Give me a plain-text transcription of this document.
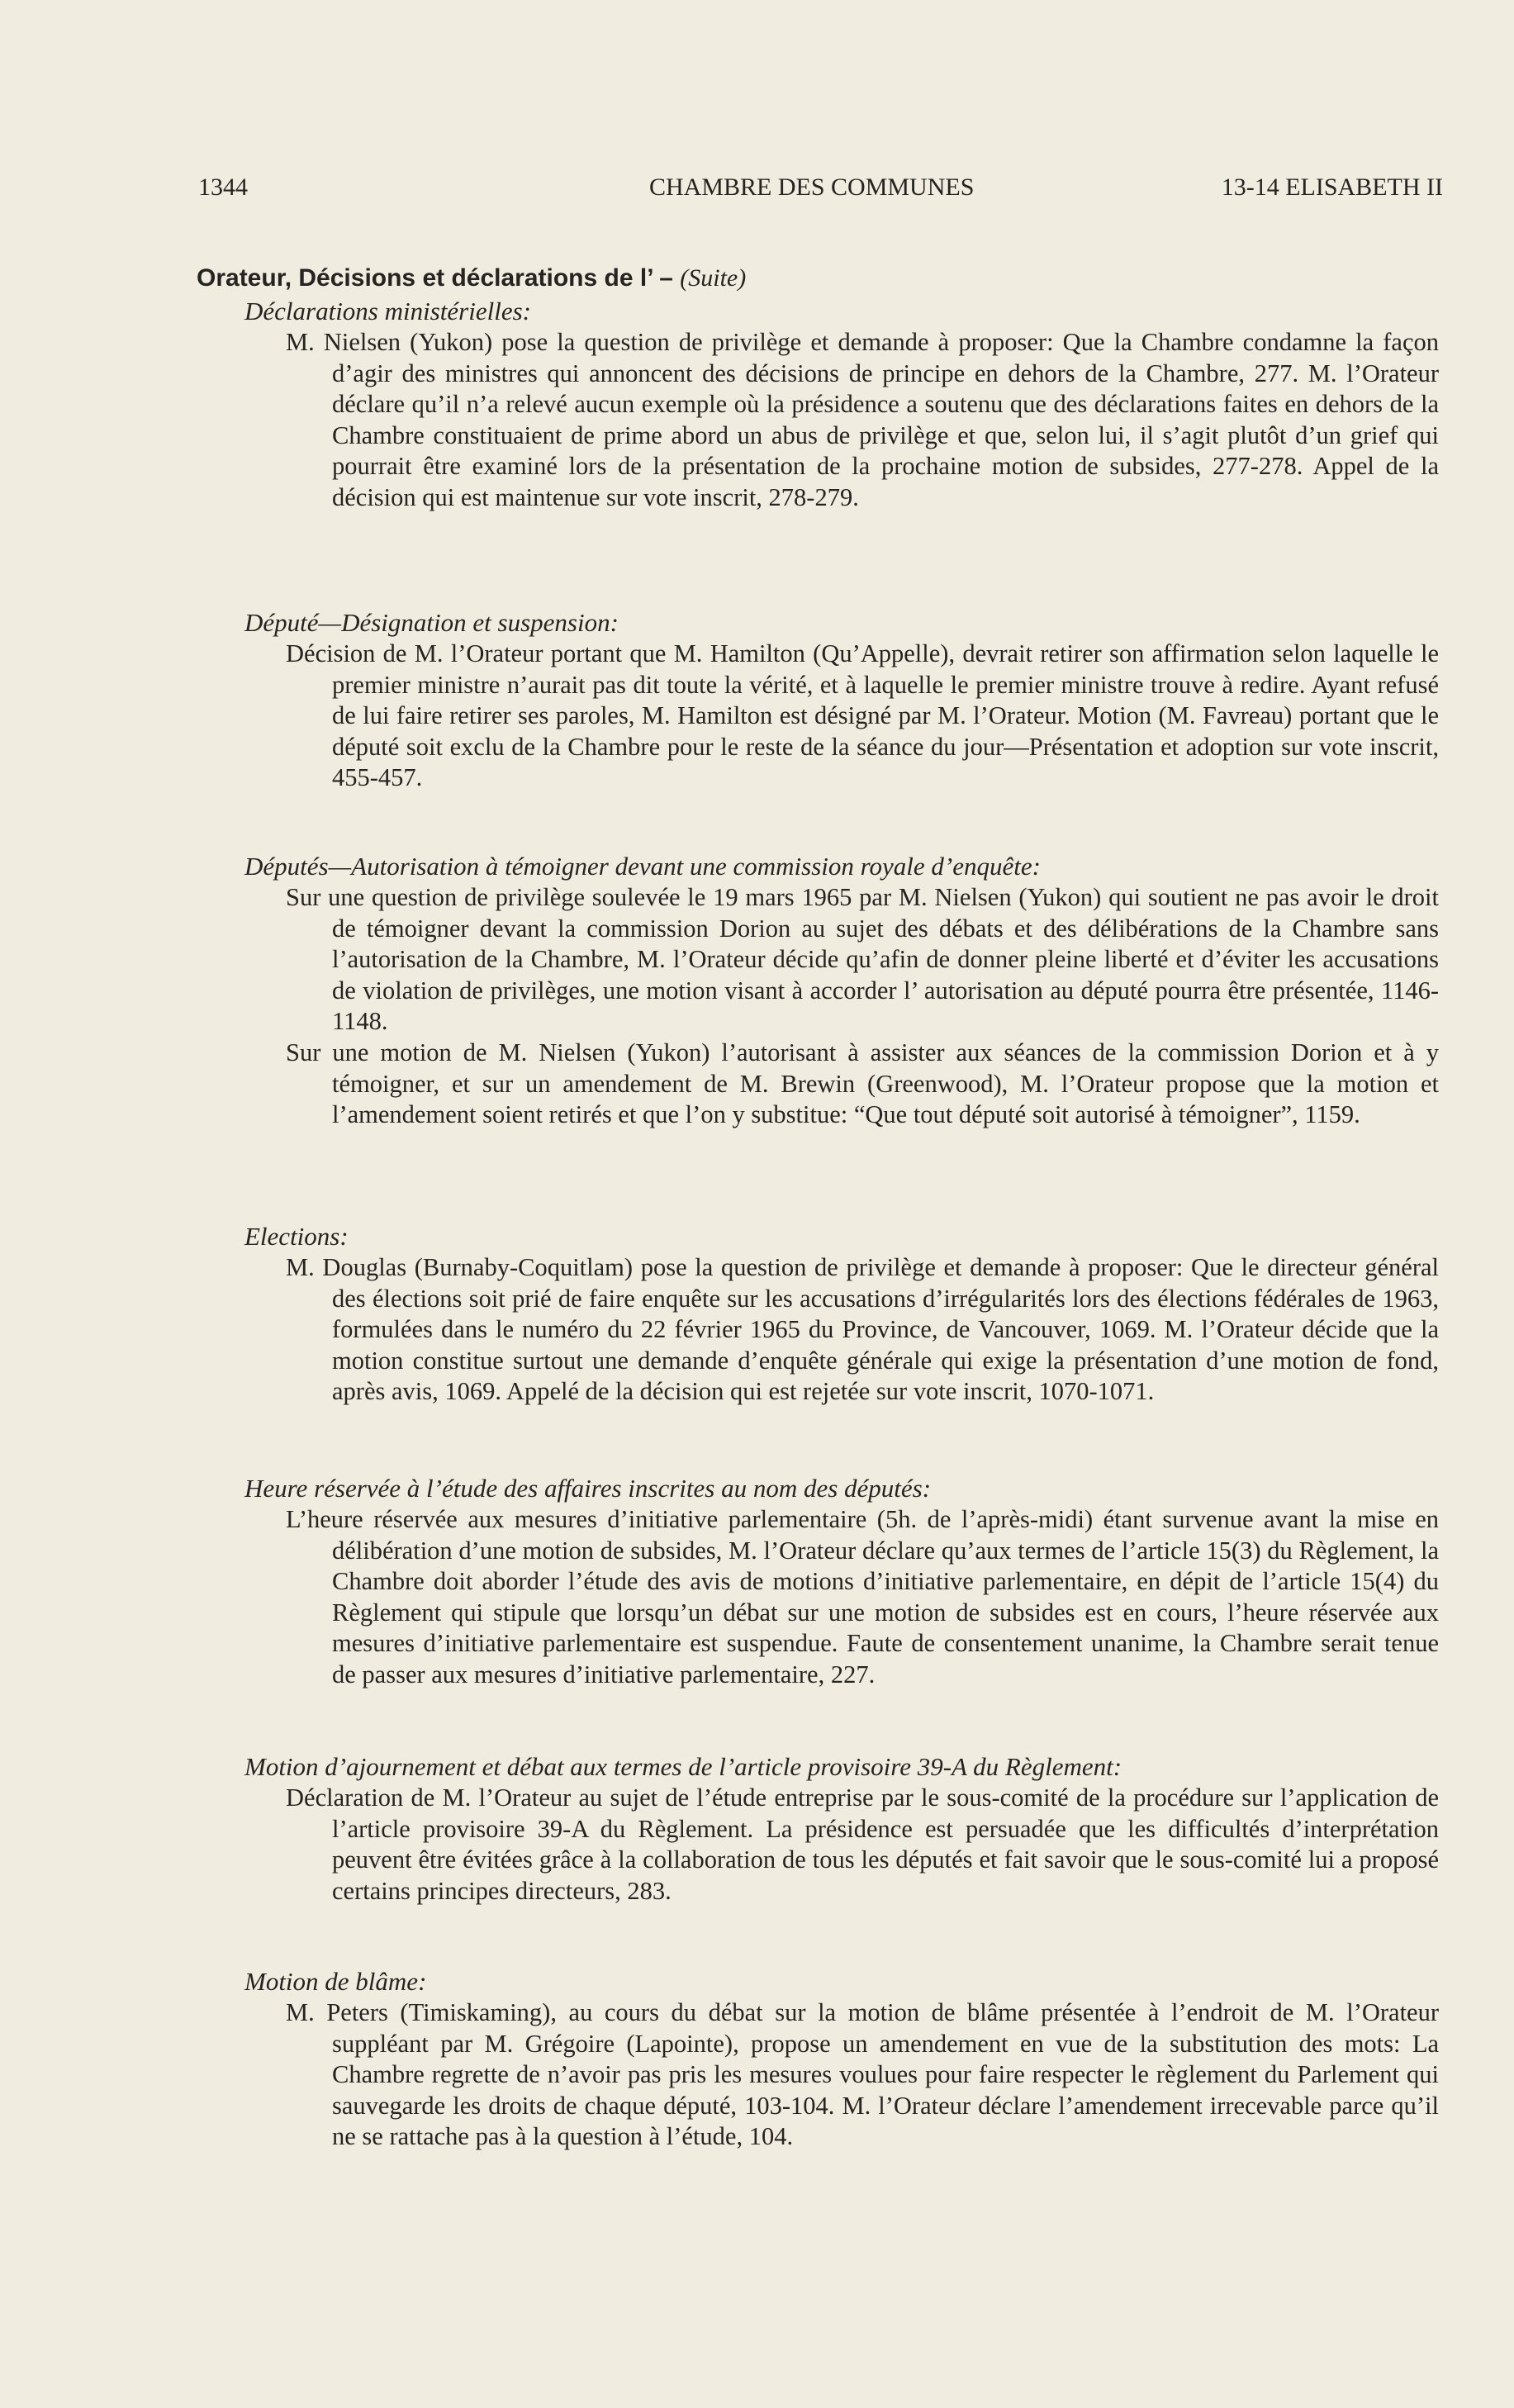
1344	CHAMBRE DES COMMUNES	13-14 ELISABETH II
Orateur, Décisions et déclarations de l’ – (Suite)
Déclarations ministérielles:
M. Nielsen (Yukon) pose la question de privilège et demande à proposer: Que la Chambre condamne la façon d’agir des ministres qui annoncent des décisions de principe en dehors de la Chambre, 277. M. l’Orateur déclare qu’il n’a relevé aucun exemple où la présidence a soutenu que des déclarations faites en dehors de la Chambre constituaient de prime abord un abus de privilège et que, selon lui, il s’agit plutôt d’un grief qui pourrait être examiné lors de la présentation de la prochaine motion de subsides, 277-278. Appel de la décision qui est maintenue sur vote inscrit, 278-279.
Député—Désignation et suspension:
Décision de M. l’Orateur portant que M. Hamilton (Qu’Appelle), devrait retirer son affirmation selon laquelle le premier ministre n’aurait pas dit toute la vérité, et à laquelle le premier ministre trouve à redire. Ayant refusé de lui faire retirer ses paroles, M. Hamilton est désigné par M. l’Orateur. Motion (M. Favreau) portant que le député soit exclu de la Chambre pour le reste de la séance du jour—Présentation et adoption sur vote inscrit, 455-457.
Députés—Autorisation à témoigner devant une commission royale d’enquête:
Sur une question de privilège soulevée le 19 mars 1965 par M. Nielsen (Yukon) qui soutient ne pas avoir le droit de témoigner devant la commission Dorion au sujet des débats et des délibérations de la Chambre sans l’autorisation de la Chambre, M. l’Orateur décide qu’afin de donner pleine liberté et d’éviter les accusations de violation de privilèges, une motion visant à accorder l’ autorisation au député pourra être présentée, 1146-1148.
Sur une motion de M. Nielsen (Yukon) l’autorisant à assister aux séances de la commission Dorion et à y témoigner, et sur un amendement de M. Brewin (Greenwood), M. l’Orateur propose que la motion et l’amendement soient retirés et que l’on y substitue: “Que tout député soit autorisé à témoigner”, 1159.
Elections:
M. Douglas (Burnaby-Coquitlam) pose la question de privilège et demande à proposer: Que le directeur général des élections soit prié de faire enquête sur les accusations d’irrégularités lors des élections fédérales de 1963, formulées dans le numéro du 22 février 1965 du Province, de Vancouver, 1069. M. l’Orateur décide que la motion constitue surtout une demande d’enquête générale qui exige la présentation d’une motion de fond, après avis, 1069. Appelé de la décision qui est rejetée sur vote inscrit, 1070-1071.
Heure réservée à l’étude des affaires inscrites au nom des députés:
L’heure réservée aux mesures d’initiative parlementaire (5h. de l’après-midi) étant survenue avant la mise en délibération d’une motion de subsides, M. l’Orateur déclare qu’aux termes de l’article 15(3) du Règlement, la Chambre doit aborder l’étude des avis de motions d’initiative parlementaire, en dépit de l’article 15(4) du Règlement qui stipule que lorsqu’un débat sur une motion de subsides est en cours, l’heure réservée aux mesures d’initiative parlementaire est suspendue. Faute de consentement unanime, la Chambre serait tenue de passer aux mesures d’initiative parlementaire, 227.
Motion d’ajournement et débat aux termes de l’article provisoire 39-A du Règlement:
Déclaration de M. l’Orateur au sujet de l’étude entreprise par le sous-comité de la procédure sur l’application de l’article provisoire 39-A du Règlement. La présidence est persuadée que les difficultés d’interprétation peuvent être évitées grâce à la collaboration de tous les députés et fait savoir que le sous-comité lui a proposé certains principes directeurs, 283.
Motion de blâme:
M. Peters (Timiskaming), au cours du débat sur la motion de blâme présentée à l’endroit de M. l’Orateur suppléant par M. Grégoire (Lapointe), propose un amendement en vue de la substitution des mots: La Chambre regrette de n’avoir pas pris les mesures voulues pour faire respecter le règlement du Parlement qui sauvegarde les droits de chaque député, 103-104. M. l’Orateur déclare l’amendement irrecevable parce qu’il ne se rattache pas à la question à l’étude, 104.
